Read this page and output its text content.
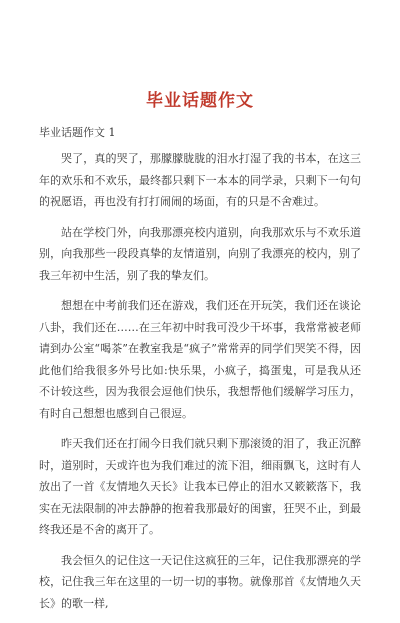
毕业话题作文

毕业话题作文 1

哭了，真的哭了，那朦朦胧胧的泪水打湿了我的书本，在这三年的欢乐和不欢乐，最终都只剩下一本本的同学录，只剩下一句句的祝愿语，再也没有打打闹闹的场面，有的只是不舍难过。

站在学校门外，向我那漂亮校内道别，向我那欢乐与不欢乐道别，向我那些一段段真挚的友情道别，向别了我漂亮的校内，别了我三年初中生活，别了我的挚友们。

想想在中考前我们还在游戏，我们还在开玩笑，我们还在谈论八卦，我们还在……在三年初中时我可没少干坏事，我常常被老师请到办公室“喝茶”在教室我是“疯子”常常弄的同学们哭笑不得，因此他们给我很多外号比如:快乐果，小疯子，捣蛋鬼，可是我从还不计较这些，因为我很会逗他们快乐，我想帮他们缓解学习压力，有时自己想想也感到自己很逗。

昨天我们还在打闹今日我们就只剩下那滚烫的泪了，我正沉醉时，道别时，天或许也为我们难过的流下泪，细雨飘飞，这时有人放出了一首《友情地久天长》让我本已停止的泪水又簌簌落下，我实在无法限制的冲去静静的抱着我那最好的闺蜜，狂哭不止，到最终我还是不舍的离开了。

我会恒久的记住这一天记住这疯狂的三年，记住我那漂亮的学校，记住我三年在这里的一切一切的事物。就像那首《友情地久天长》的歌一样,
